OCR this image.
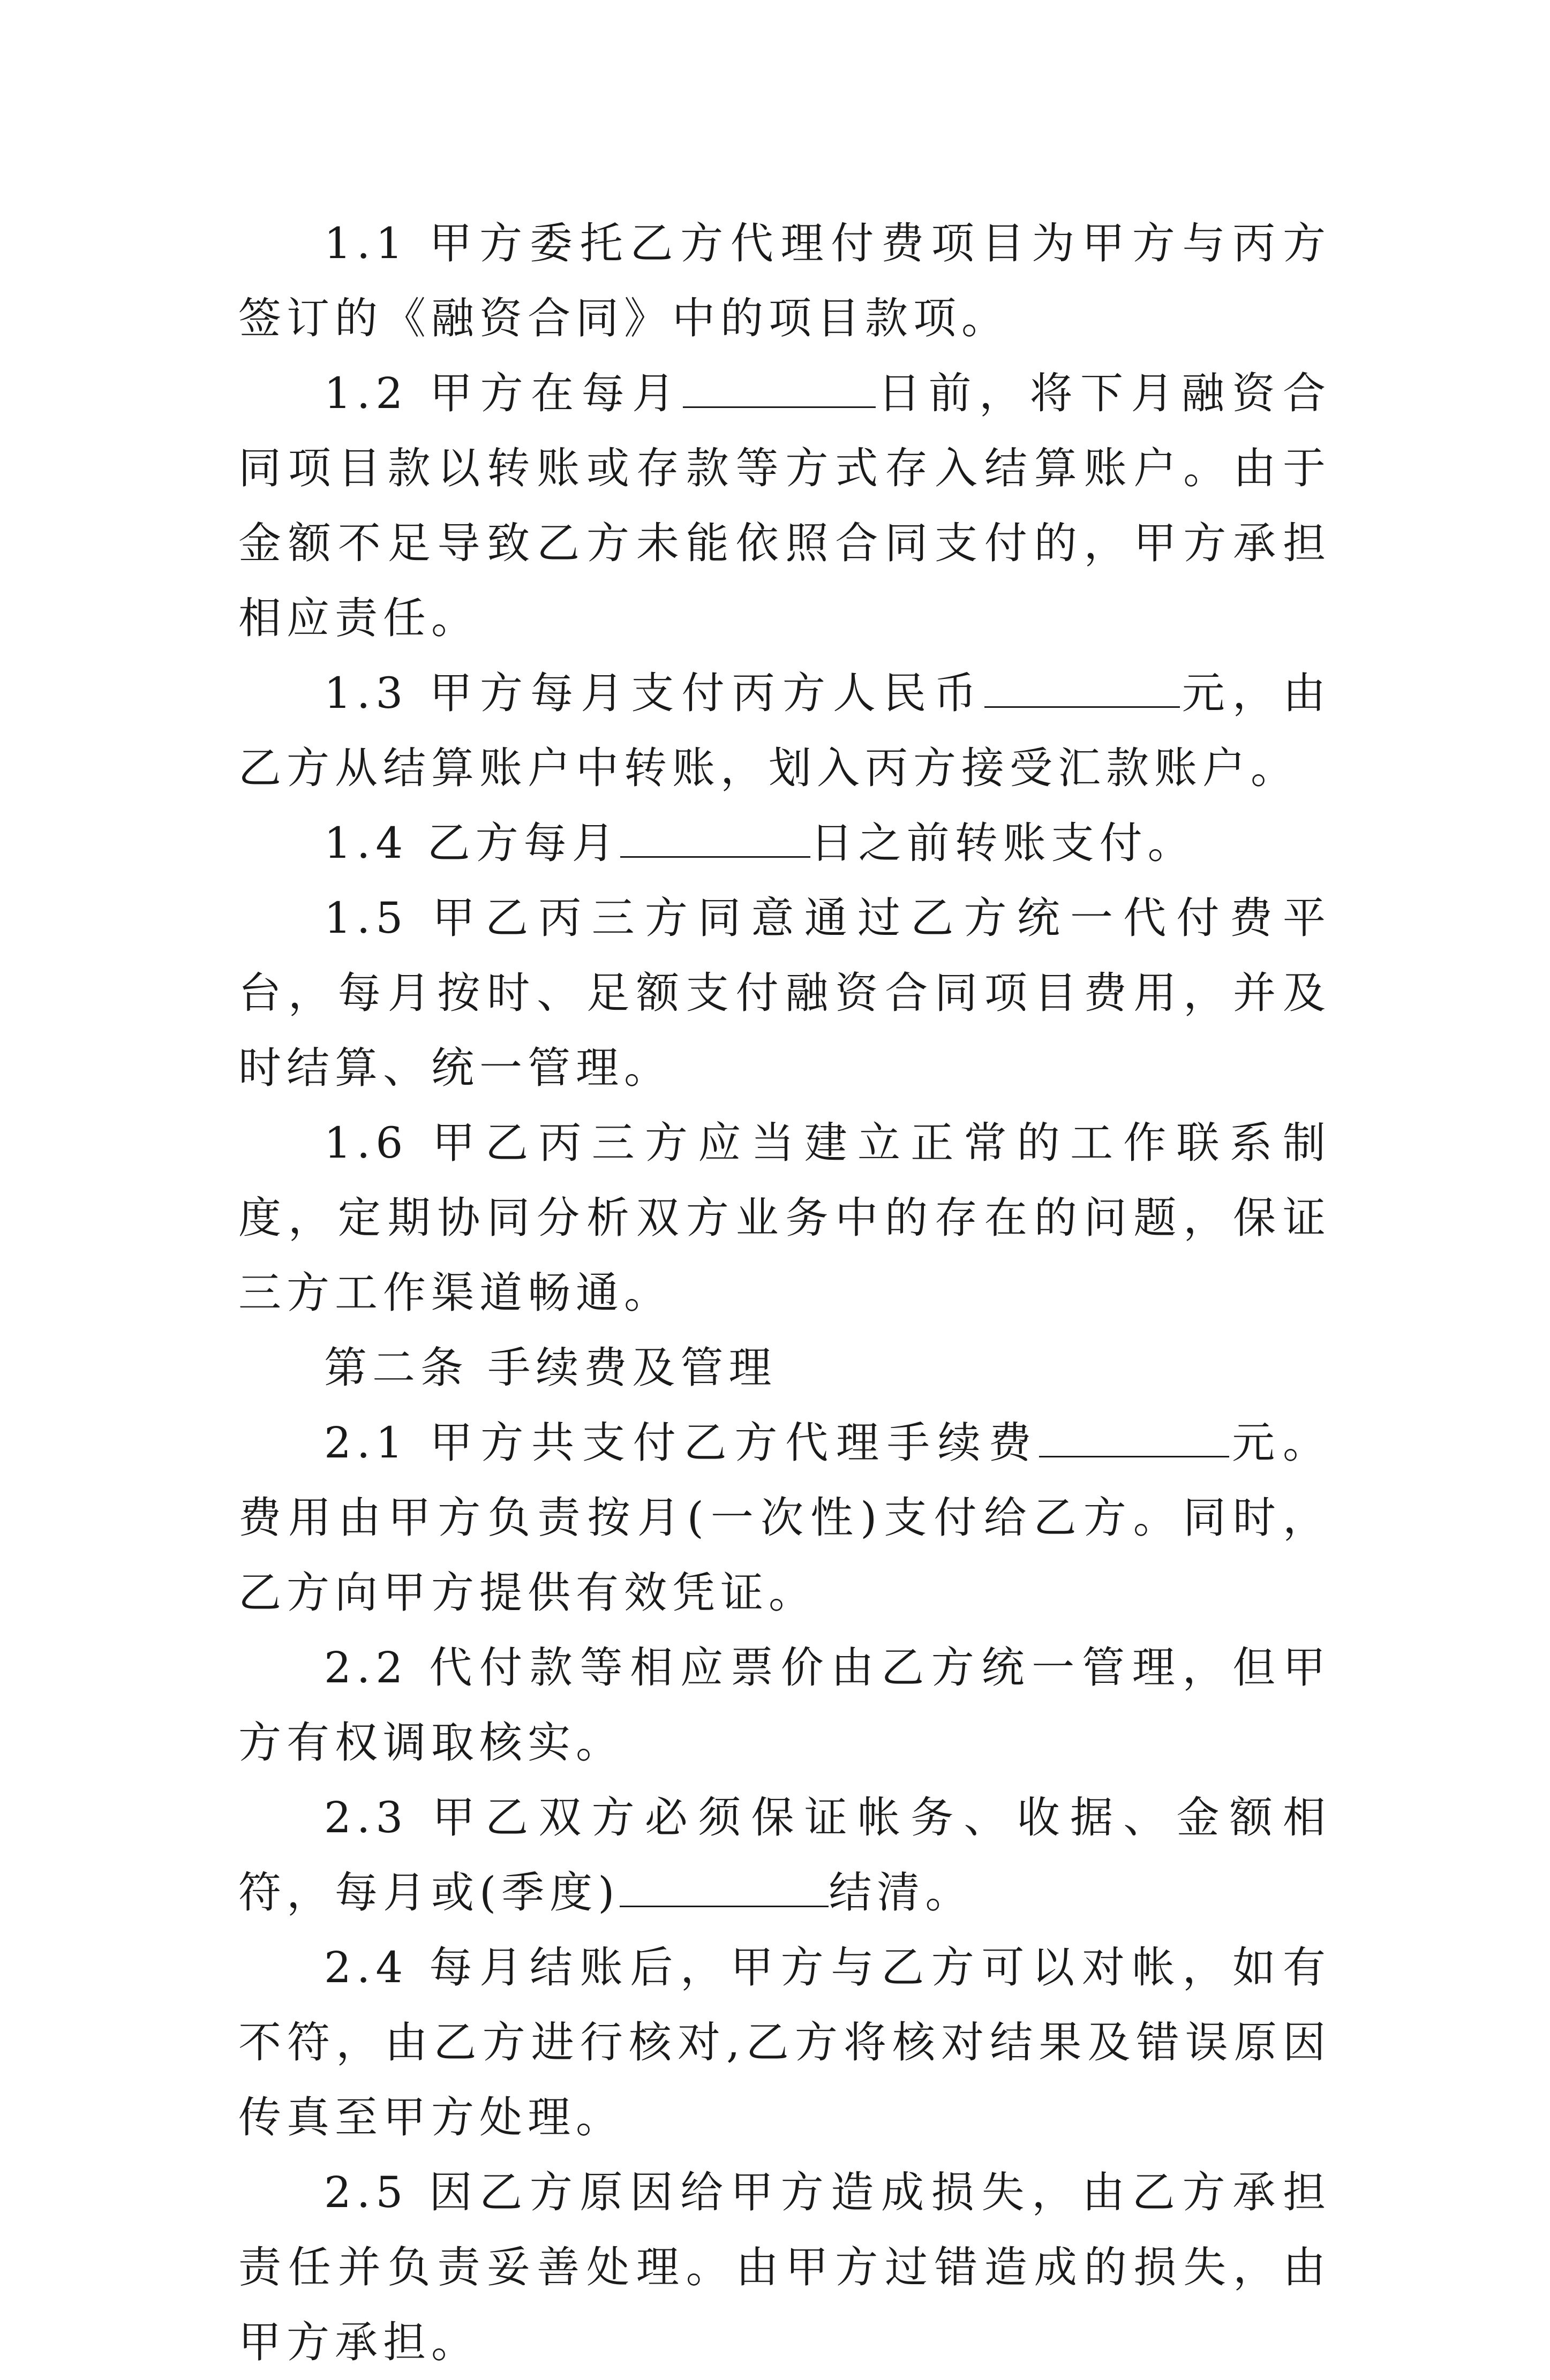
1.1 甲方委托乙方代理付费项目为甲方与丙方签订的《融资合同》中的项目款项。

1.2 甲方在每月	日前，将下月融资合同项目款以转账或存款等方式存入结算账户。由于金额不足导致乙方未能依照合同支付的，甲方承担相应责任。

1.3 甲方每月支付丙方人民币	元，由乙方从结算账户中转账，划入丙方接受汇款账户。

1.4 乙方每月	日之前转账支付。

1.5 甲乙丙三方同意通过乙方统一代付费平台，每月按时、足额支付融资合同项目费用，并及时结算、统一管理。

1.6 甲乙丙三方应当建立正常的工作联系制度，定期协同分析双方业务中的存在的问题，保证三方工作渠道畅通。

第二条 手续费及管理

2.1 甲方共支付乙方代理手续费	元。费用由甲方负责按月(一次性)支付给乙方。同时，乙方向甲方提供有效凭证。

2.2 代付款等相应票价由乙方统一管理，但甲方有权调取核实。

2.3 甲乙双方必须保证帐务、收据、金额相符，每月或(季度)	结清。

2.4 每月结账后，甲方与乙方可以对帐，如有不符，由乙方进行核对,乙方将核对结果及错误原因传真至甲方处理。

2.5 因乙方原因给甲方造成损失，由乙方承担责任并负责妥善处理。由甲方过错造成的损失，由甲方承担。
